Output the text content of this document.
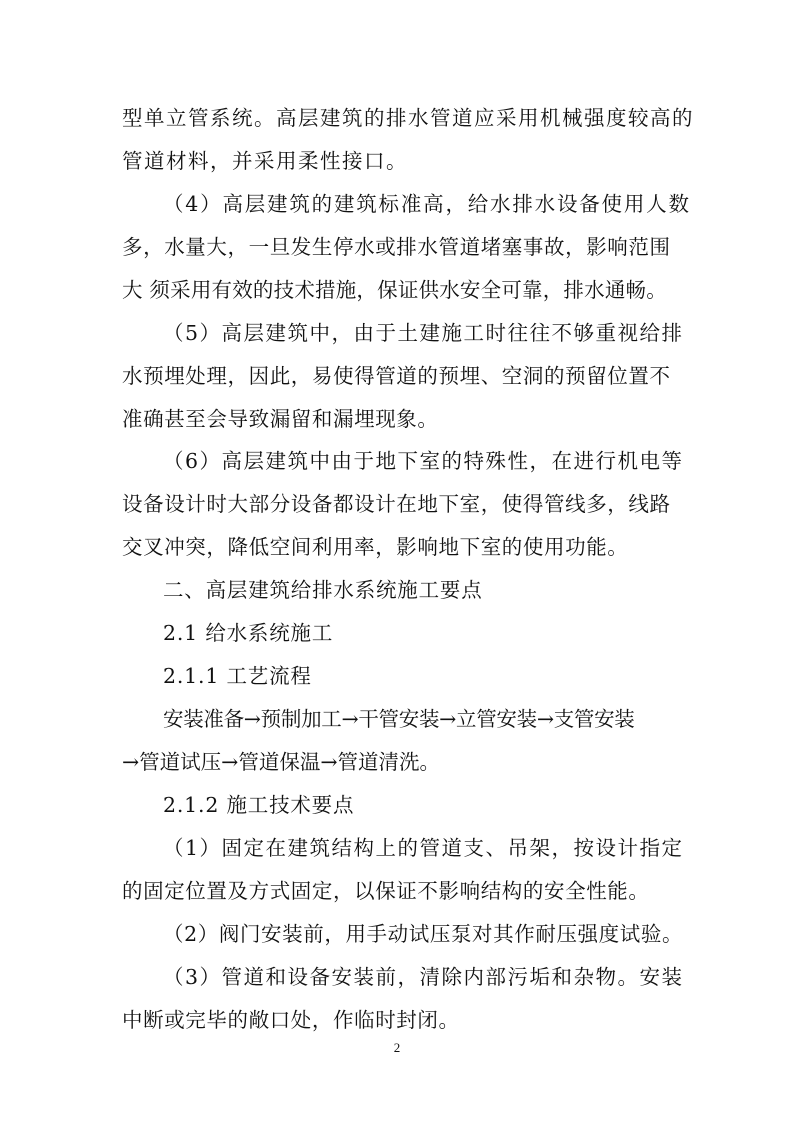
型单立管系统。高层建筑的排水管道应采用机械强度较高的
管道材料，并采用柔性接口。
（4）高层建筑的建筑标准高，给水排水设备使用人数
多，水量大，一旦发生停水或排水管道堵塞事故，影响范围
大 须采用有效的技术措施，保证供水安全可靠，排水通畅。
（5）高层建筑中，由于土建施工时往往不够重视给排
水预埋处理，因此，易使得管道的预埋、空洞的预留位置不
准确甚至会导致漏留和漏埋现象。
（6）高层建筑中由于地下室的特殊性，在进行机电等
设备设计时大部分设备都设计在地下室，使得管线多，线路
交叉冲突，降低空间利用率，影响地下室的使用功能。
二、高层建筑给排水系统施工要点
2.1 给水系统施工
2.1.1 工艺流程
安装准备→预制加工→干管安装→立管安装→支管安装
→管道试压→管道保温→管道清洗。
2.1.2 施工技术要点
（1）固定在建筑结构上的管道支、吊架，按设计指定
的固定位置及方式固定，以保证不影响结构的安全性能。
（2）阀门安装前，用手动试压泵对其作耐压强度试验。
（3）管道和设备安装前，清除内部污垢和杂物。安装
中断或完毕的敞口处，作临时封闭。
2
